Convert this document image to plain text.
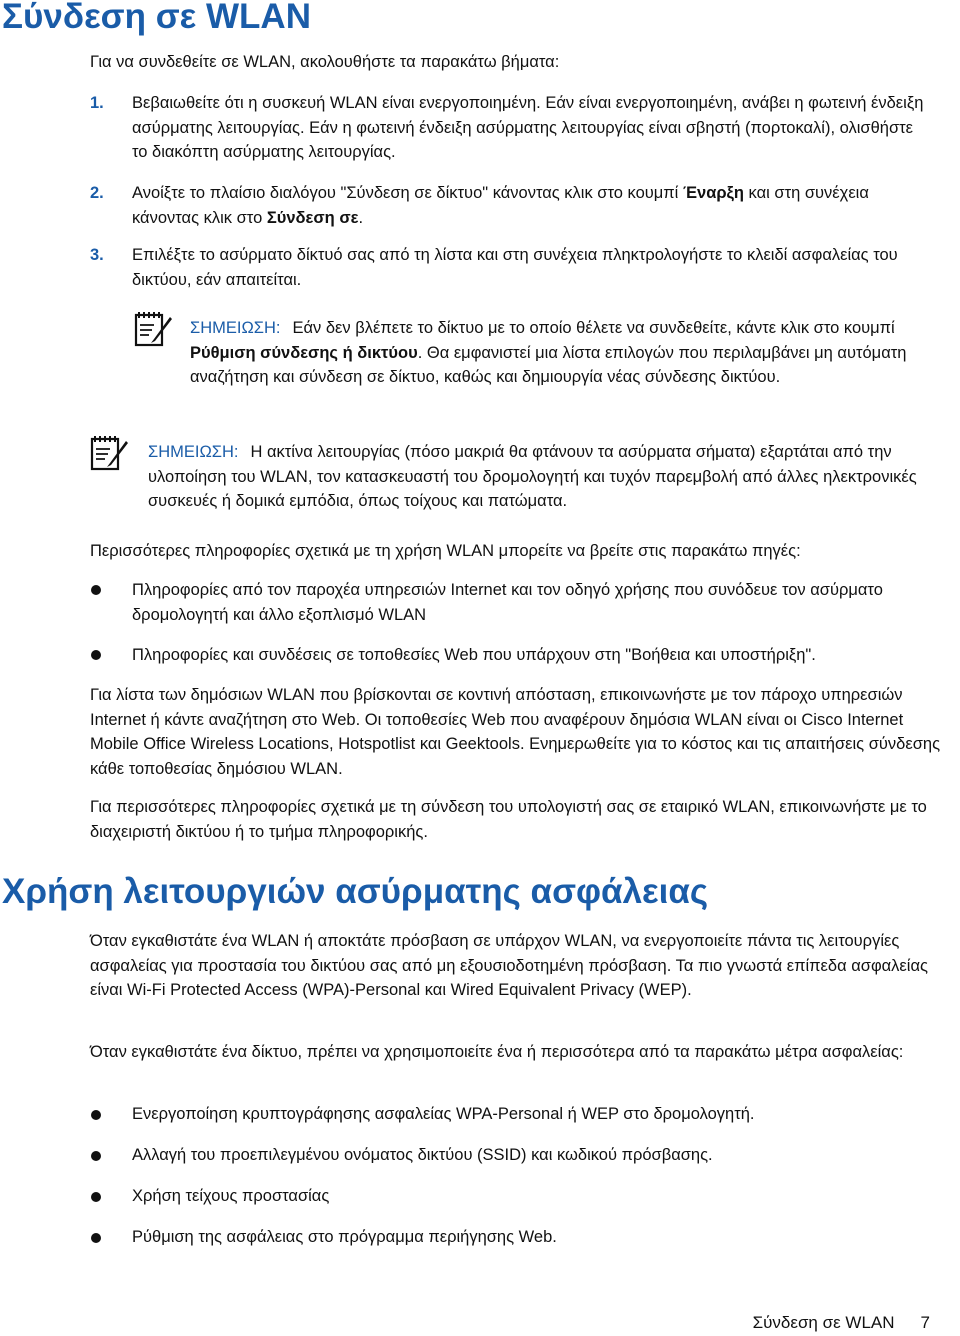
Σύνδεση σε WLAN

Για να συνδεθείτε σε WLAN, ακολουθήστε τα παρακάτω βήματα:

1. Βεβαιωθείτε ότι η συσκευή WLAN είναι ενεργοποιημένη. Εάν είναι ενεργοποιημένη, ανάβει η φωτεινή ένδειξη ασύρματης λειτουργίας. Εάν η φωτεινή ένδειξη ασύρματης λειτουργίας είναι σβηστή (πορτοκαλί), ολισθήστε το διακόπτη ασύρματης λειτουργίας.

2. Ανοίξτε το πλαίσιο διαλόγου "Σύνδεση σε δίκτυο" κάνοντας κλικ στο κουμπί Έναρξη και στη συνέχεια κάνοντας κλικ στο Σύνδεση σε.

3. Επιλέξτε το ασύρματο δίκτυό σας από τη λίστα και στη συνέχεια πληκτρολογήστε το κλειδί ασφαλείας του δικτύου, εάν απαιτείται.

ΣΗΜΕΙΩΣΗ: Εάν δεν βλέπετε το δίκτυο με το οποίο θέλετε να συνδεθείτε, κάντε κλικ στο κουμπί Ρύθμιση σύνδεσης ή δικτύου. Θα εμφανιστεί μια λίστα επιλογών που περιλαμβάνει μη αυτόματη αναζήτηση και σύνδεση σε δίκτυο, καθώς και δημιουργία νέας σύνδεσης δικτύου.

ΣΗΜΕΙΩΣΗ: Η ακτίνα λειτουργίας (πόσο μακριά θα φτάνουν τα ασύρματα σήματα) εξαρτάται από την υλοποίηση του WLAN, τον κατασκευαστή του δρομολογητή και τυχόν παρεμβολή από άλλες ηλεκτρονικές συσκευές ή δομικά εμπόδια, όπως τοίχους και πατώματα.

Περισσότερες πληροφορίες σχετικά με τη χρήση WLAN μπορείτε να βρείτε στις παρακάτω πηγές:

Πληροφορίες από τον παροχέα υπηρεσιών Internet και τον οδηγό χρήσης που συνόδευε τον ασύρματο δρομολογητή και άλλο εξοπλισμό WLAN

Πληροφορίες και συνδέσεις σε τοποθεσίες Web που υπάρχουν στη "Βοήθεια και υποστήριξη".

Για λίστα των δημόσιων WLAN που βρίσκονται σε κοντινή απόσταση, επικοινωνήστε με τον πάροχο υπηρεσιών Internet ή κάντε αναζήτηση στο Web. Οι τοποθεσίες Web που αναφέρουν δημόσια WLAN είναι οι Cisco Internet Mobile Office Wireless Locations, Hotspotlist και Geektools. Ενημερωθείτε για το κόστος και τις απαιτήσεις σύνδεσης κάθε τοποθεσίας δημόσιου WLAN.

Για περισσότερες πληροφορίες σχετικά με τη σύνδεση του υπολογιστή σας σε εταιρικό WLAN, επικοινωνήστε με το διαχειριστή δικτύου ή το τμήμα πληροφορικής.

Χρήση λειτουργιών ασύρματης ασφάλειας

Όταν εγκαθιστάτε ένα WLAN ή αποκτάτε πρόσβαση σε υπάρχον WLAN, να ενεργοποιείτε πάντα τις λειτουργίες ασφαλείας για προστασία του δικτύου σας από μη εξουσιοδοτημένη πρόσβαση. Τα πιο γνωστά επίπεδα ασφαλείας είναι Wi-Fi Protected Access (WPA)-Personal και Wired Equivalent Privacy (WEP).

Όταν εγκαθιστάτε ένα δίκτυο, πρέπει να χρησιμοποιείτε ένα ή περισσότερα από τα παρακάτω μέτρα ασφαλείας:

Ενεργοποίηση κρυπτογράφησης ασφαλείας WPA-Personal ή WEP στο δρομολογητή.

Αλλαγή του προεπιλεγμένου ονόματος δικτύου (SSID) και κωδικού πρόσβασης.

Χρήση τείχους προστασίας

Ρύθμιση της ασφάλειας στο πρόγραμμα περιήγησης Web.

Σύνδεση σε WLAN 7
